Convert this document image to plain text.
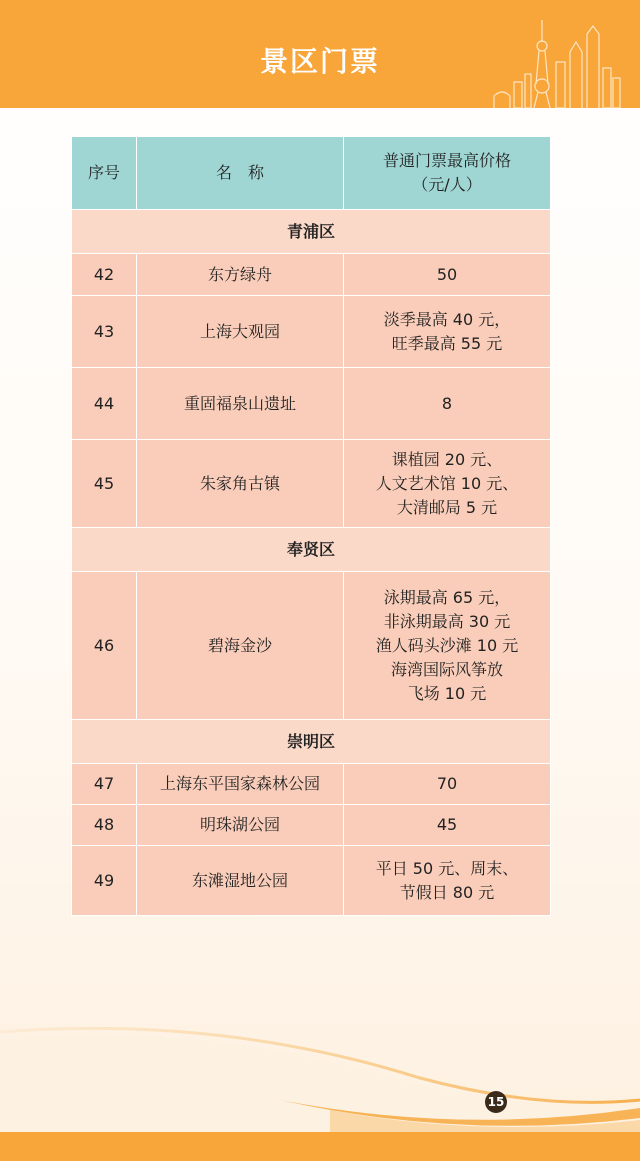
景区门票
序号	名　称	普通门票最高价格
（元/人）

青浦区		
42	东方绿舟	50

43	上海大观园	淡季最高 40 元，
旺季最高 55 元

44	重固福泉山遗址	8

45	朱家角古镇	课植园 20 元、
人文艺术馆 10 元、
大清邮局 5 元

奉贤区		
46	碧海金沙	泳期最高 65 元，
非泳期最高 30 元
渔人码头沙滩 10 元
海湾国际风筝放
飞场 10 元

崇明区		
47	上海东平国家森林公园	70

48	明珠湖公园	45

49	东滩湿地公园	平日 50 元、周末、
节假日 80 元
15
